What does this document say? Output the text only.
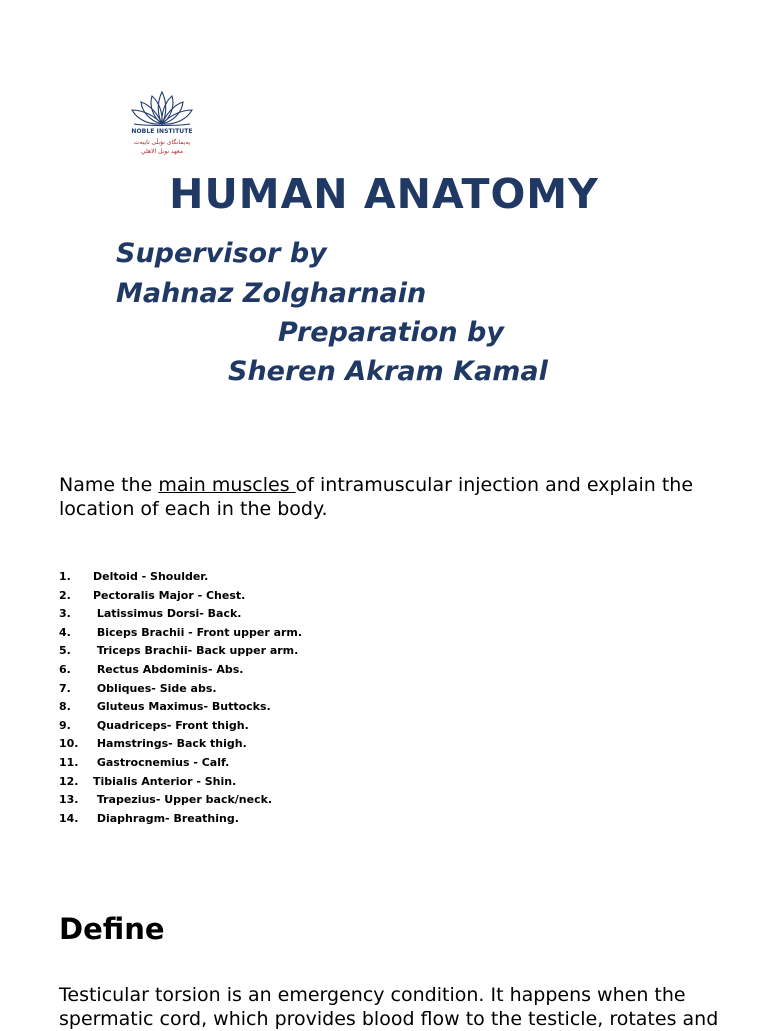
NOBLE INSTITUTE
پەیمانگای نۆبڵی تایبەت
معهد نوبل الاهلي
HUMAN ANATOMY

Supervisor by

Mahnaz Zolgharnain

Preparation by

Sheren Akram Kamal

Name the main muscles of intramuscular injection and explain the location of each in the body.

1. Deltoid - Shoulder.
2. Pectoralis Major - Chest.
3. Latissimus Dorsi- Back.
4. Biceps Brachii - Front upper arm.
5. Triceps Brachii- Back upper arm.
6. Rectus Abdominis- Abs.
7. Obliques- Side abs.
8. Gluteus Maximus- Buttocks.
9. Quadriceps- Front thigh.
10. Hamstrings- Back thigh.
11. Gastrocnemius - Calf.
12. Tibialis Anterior - Shin.
13. Trapezius- Upper back/neck.
14. Diaphragm- Breathing.
Define

Testicular torsion is an emergency condition. It happens when the spermatic cord, which provides blood flow to the testicle, rotates and
